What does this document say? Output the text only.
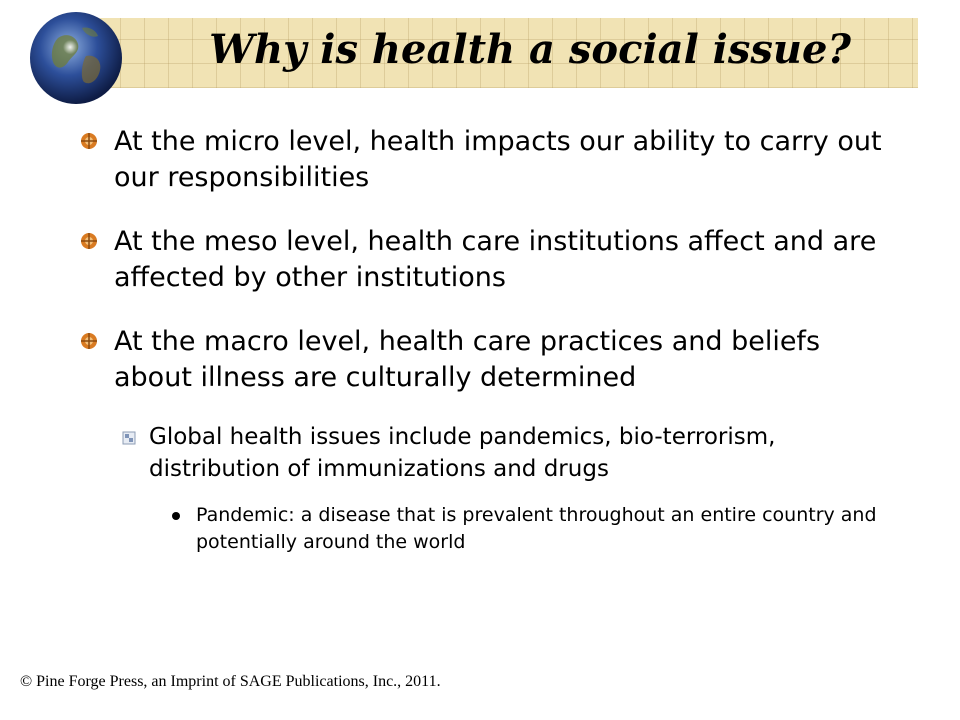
Why is health a social issue?
At the micro level, health impacts our ability to carry out our responsibilities
At the meso level, health care institutions affect and are affected by other institutions
At the macro level, health care practices and beliefs about illness are culturally determined
Global health issues include pandemics, bio-terrorism, distribution of immunizations and drugs
Pandemic: a disease that is prevalent throughout an entire country and potentially around the world
© Pine Forge Press, an Imprint of SAGE Publications, Inc., 2011.
